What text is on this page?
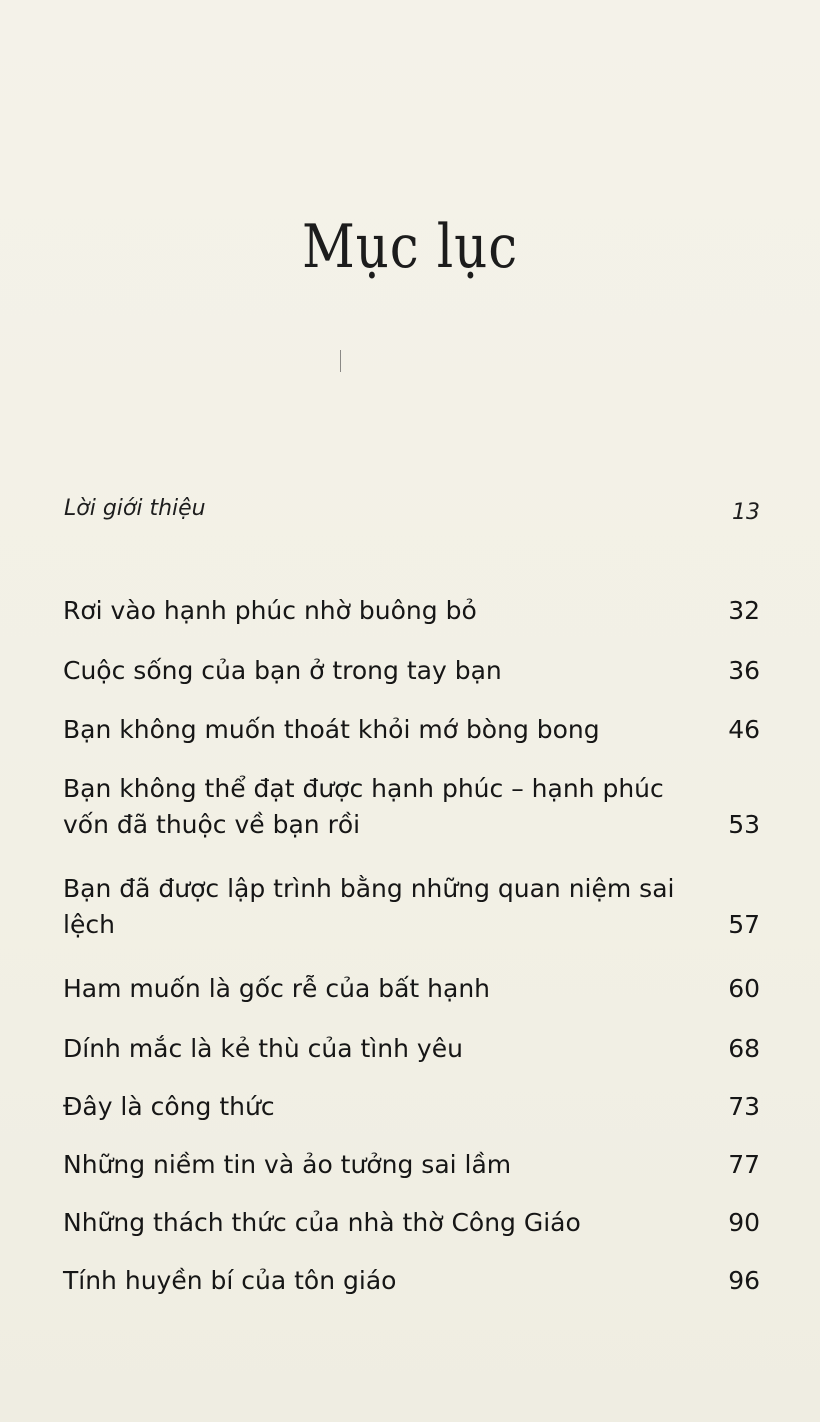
Mục lục
Lời giới thiệu	13
Rơi vào hạnh phúc nhờ buông bỏ	32
Cuộc sống của bạn ở trong tay bạn	36
Bạn không muốn thoát khỏi mớ bòng bong	46
Bạn không thể đạt được hạnh phúc – hạnh phúc vốn đã thuộc về bạn rồi	53
Bạn đã được lập trình bằng những quan niệm sai lệch	57
Ham muốn là gốc rễ của bất hạnh	60
Dính mắc là kẻ thù của tình yêu	68
Đây là công thức	73
Những niềm tin và ảo tưởng sai lầm	77
Những thách thức của nhà thờ Công Giáo	90
Tính huyền bí của tôn giáo	96
